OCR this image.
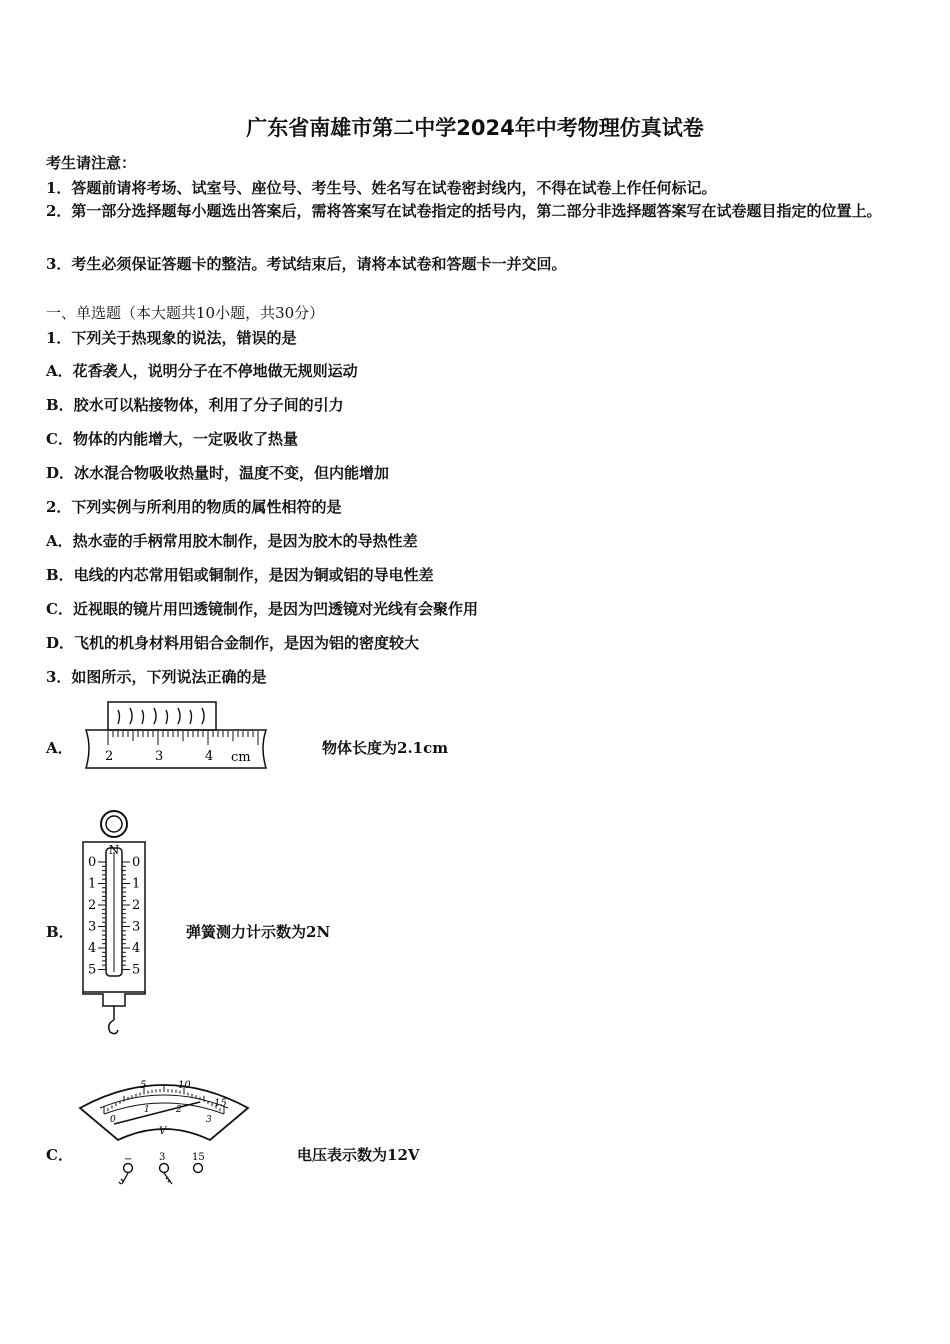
广东省南雄市第二中学2024年中考物理仿真试卷
考生请注意：
1．答题前请将考场、试室号、座位号、考生号、姓名写在试卷密封线内，不得在试卷上作任何标记。
2．第一部分选择题每小题选出答案后，需将答案写在试卷指定的括号内，第二部分非选择题答案写在试卷题目指定的位置上。
3．考生必须保证答题卡的整洁。考试结束后，请将本试卷和答题卡一并交回。
一、单选题（本大题共10小题，共30分）
1．下列关于热现象的说法，错误的是
A．花香袭人，说明分子在不停地做无规则运动
B．胶水可以粘接物体，利用了分子间的引力
C．物体的内能增大，一定吸收了热量
D．冰水混合物吸收热量时，温度不变，但内能增加
2．下列实例与所利用的物质的属性相符的是
A．热水壶的手柄常用胶木制作，是因为胶木的导热性差
B．电线的内芯常用铝或铜制作，是因为铜或铝的导电性差
C．近视眼的镜片用凹透镜制作，是因为凹透镜对光线有会聚作用
D．飞机的机身材料用铝合金制作，是因为铝的密度较大
3．如图所示，下列说法正确的是
A． 2	3	4 cm
物体长度为2.1cm
B．
N
0	0
1	1
2	2
3	3
4	4
5	5
弹簧测力计示数为2N
C．
5	10
15
0
1	2
3
V
−	3	15	电压表示数为12V
